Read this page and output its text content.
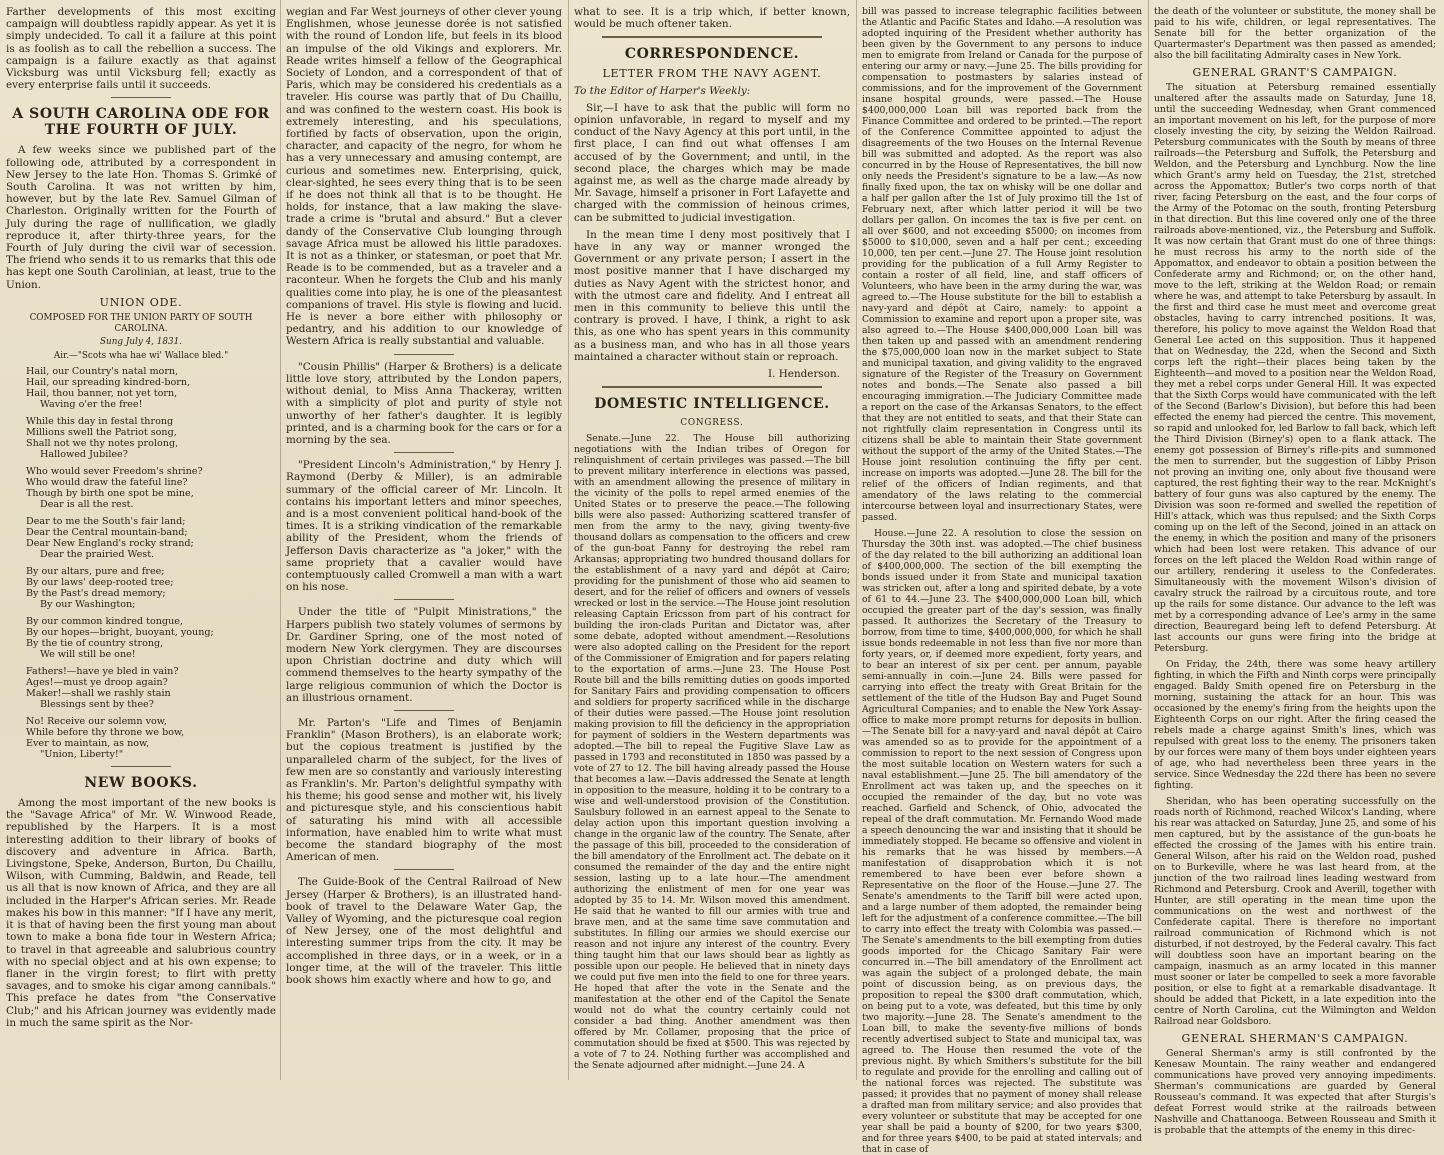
Farther developments of this most exciting campaign will doubtless rapidly appear. As yet it is simply undecided. To call it a failure at this point is as foolish as to call the rebellion a success. The campaign is a failure exactly as that against Vicksburg was until Vicksburg fell; exactly as every enterprise fails until it succeeds.

A SOUTH CAROLINA ODE FOR THE FOURTH OF JULY.

A few weeks since we published part of the following ode, attributed by a correspondent in New Jersey to the late Hon. Thomas S. Grimké of South Carolina. It was not written by him, however, but by the late Rev. Samuel Gilman of Charleston. Originally written for the Fourth of July during the rage of nullification, we gladly reproduce it, after thirty-three years, for the Fourth of July during the civil war of secession. The friend who sends it to us remarks that this ode has kept one South Carolinian, at least, true to the Union.

UNION ODE.
COMPOSED FOR THE UNION PARTY OF SOUTH CAROLINA.
Sung July 4, 1831.
Air.—"Scots wha hae wi' Wallace bled."
Hail, our Country's natal morn,
Hail, our spreading kindred-born,
Hail, thou banner, not yet torn,
Waving o'er the free!
While this day in festal throng
Millions swell the Patriot song,
Shall not we thy notes prolong,
Hallowed Jubilee?
Who would sever Freedom's shrine?
Who would draw the fateful line?
Though by birth one spot be mine,
Dear is all the rest.
Dear to me the South's fair land;
Dear the Central mountain-band;
Dear New England's rocky strand;
Dear the prairied West.
By our altars, pure and free;
By our laws' deep-rooted tree;
By the Past's dread memory;
By our Washington;
By our common kindred tongue,
By our hopes—bright, buoyant, young;
By the tie of country strong,
We will still be one!
Fathers!—have ye bled in vain?
Ages!—must ye droop again?
Maker!—shall we rashly stain
Blessings sent by thee?
No! Receive our solemn vow,
While before thy throne we bow,
Ever to maintain, as now,
"Union, Liberty!"
NEW BOOKS.

Among the most important of the new books is the "Savage Africa" of Mr. W. Winwood Reade, republished by the Harpers. It is a most interesting addition to their library of books of discovery and adventure in Africa. Barth, Livingstone, Speke, Anderson, Burton, Du Chaillu, Wilson, with Cumming, Baldwin, and Reade, tell us all that is now known of Africa, and they are all included in the Harper's African series. Mr. Reade makes his bow in this manner: "If I have any merit, it is that of having been the first young man about town to make a bona fide tour in Western Africa; to travel in that agreeable and salubrious country with no special object and at his own expense; to flaner in the virgin forest; to flirt with pretty savages, and to smoke his cigar among cannibals." This preface he dates from "the Conservative Club;" and his African journey was evidently made in much the same spirit as the Nor-

wegian and Far West journeys of other clever young Englishmen, whose jeunesse dorée is not satisfied with the round of London life, but feels in its blood an impulse of the old Vikings and explorers. Mr. Reade writes himself a fellow of the Geographical Society of London, and a correspondent of that of Paris, which may be considered his credentials as a traveler. His course was partly that of Du Chaillu, and was confined to the western coast. His book is extremely interesting, and his speculations, fortified by facts of observation, upon the origin, character, and capacity of the negro, for whom he has a very unnecessary and amusing contempt, are curious and sometimes new. Enterprising, quick, clear-sighted, he sees every thing that is to be seen if he does not think all that is to be thought. He holds, for instance, that a law making the slave-trade a crime is "brutal and absurd." But a clever dandy of the Conservative Club lounging through savage Africa must be allowed his little paradoxes. It is not as a thinker, or statesman, or poet that Mr. Reade is to be commended, but as a traveler and a raconteur. When he forgets the Club and his manly qualities come into play, he is one of the pleasantest companions of travel. His style is flowing and lucid. He is never a bore either with philosophy or pedantry, and his addition to our knowledge of Western Africa is really substantial and valuable.

"Cousin Phillis" (Harper & Brothers) is a delicate little love story, attributed by the London papers, without denial, to Miss Anna Thackeray, written with a simplicity of plot and purity of style not unworthy of her father's daughter. It is legibly printed, and is a charming book for the cars or for a morning by the sea.

"President Lincoln's Administration," by Henry J. Raymond (Derby & Miller), is an admirable summary of the official career of Mr. Lincoln. It contains his important letters and minor speeches, and is a most convenient political hand-book of the times. It is a striking vindication of the remarkable ability of the President, whom the friends of Jefferson Davis characterize as "a joker," with the same propriety that a cavalier would have contemptuously called Cromwell a man with a wart on his nose.

Under the title of "Pulpit Ministrations," the Harpers publish two stately volumes of sermons by Dr. Gardiner Spring, one of the most noted of modern New York clergymen. They are discourses upon Christian doctrine and duty which will commend themselves to the hearty sympathy of the large religious communion of which the Doctor is an illustrious ornament.

Mr. Parton's "Life and Times of Benjamin Franklin" (Mason Brothers), is an elaborate work; but the copious treatment is justified by the unparalleled charm of the subject, for the lives of few men are so constantly and variously interesting as Franklin's. Mr. Parton's delightful sympathy with his theme; his good sense and mother wit, his lively and picturesque style, and his conscientious habit of saturating his mind with all accessible information, have enabled him to write what must become the standard biography of the most American of men.

The Guide-Book of the Central Railroad of New Jersey (Harper & Brothers), is an illustrated hand-book of travel to the Delaware Water Gap, the Valley of Wyoming, and the picturesque coal region of New Jersey, one of the most delightful and interesting summer trips from the city. It may be accomplished in three days, or in a week, or in a longer time, at the will of the traveler. This little book shows him exactly where and how to go, and

what to see. It is a trip which, if better known, would be much oftener taken.

CORRESPONDENCE.
LETTER FROM THE NAVY AGENT.

To the Editor of Harper's Weekly:

Sir,—I have to ask that the public will form no opinion unfavorable, in regard to myself and my conduct of the Navy Agency at this port until, in the first place, I can find out what offenses I am accused of by the Government; and until, in the second place, the charges which may be made against me, as well as the charge made already by Mr. Savage, himself a prisoner in Fort Lafayette and charged with the commission of heinous crimes, can be submitted to judicial investigation.

In the mean time I deny most positively that I have in any way or manner wronged the Government or any private person; I assert in the most positive manner that I have discharged my duties as Navy Agent with the strictest honor, and with the utmost care and fidelity. And I entreat all men in this community to believe this until the contrary is proved. I have, I think, a right to ask this, as one who has spent years in this community as a business man, and who has in all those years maintained a character without stain or reproach.

I. Henderson.
DOMESTIC INTELLIGENCE.
CONGRESS.

Senate.—June 22. The House bill authorizing negotiations with the Indian tribes of Oregon for relinquishment of certain privileges was passed.—The bill to prevent military interference in elections was passed, with an amendment allowing the presence of military in the vicinity of the polls to repel armed enemies of the United States or to preserve the peace.—The following bills were also passed: Authorizing scattered transfer of men from the army to the navy, giving twenty-five thousand dollars as compensation to the officers and crew of the gun-boat Fanny for destroying the rebel ram Arkansas; appropriating two hundred thousand dollars for the establishment of a navy yard and dépôt at Cairo; providing for the punishment of those who aid seamen to desert, and for the relief of officers and owners of vessels wrecked or lost in the service.—The House joint resolution releasing Captain Ericsson from part of his contract for building the iron-clads Puritan and Dictator was, after some debate, adopted without amendment.—Resolutions were also adopted calling on the President for the report of the Commissioner of Emigration and for papers relating to the exportation of arms.—June 23. The House Post Route bill and the bills remitting duties on goods imported for Sanitary Fairs and providing compensation to officers and soldiers for property sacrificed while in the discharge of their duties were passed.—The House joint resolution making provision to fill the deficiency in the appropriation for payment of soldiers in the Western departments was adopted.—The bill to repeal the Fugitive Slave Law as passed in 1793 and reconstituted in 1850 was passed by a vote of 27 to 12. The bill having already passed the House that becomes a law.—Davis addressed the Senate at length in opposition to the measure, holding it to be contrary to a wise and well-understood provision of the Constitution. Saulsbury followed in an earnest appeal to the Senate to delay action upon this important question involving a change in the organic law of the country. The Senate, after the passage of this bill, proceeded to the consideration of the bill amendatory of the Enrollment act. The debate on it consumed the remainder of the day and the entire night session, lasting up to a late hour.—The amendment authorizing the enlistment of men for one year was adopted by 35 to 14. Mr. Wilson moved this amendment. He said that he wanted to fill our armies with true and brave men, and at the same time save commutation and substitutes. In filling our armies we should exercise our reason and not injure any interest of the country. Every thing taught him that our laws should bear as lightly as possible upon our people. He believed that in ninety days we could put five men into the field to one for three years. He hoped that after the vote in the Senate and the manifestation at the other end of the Capitol the Senate would not do what the country certainly could not consider a bad thing. Another amendment was then offered by Mr. Collamer, proposing that the price of commutation should be fixed at $500. This was rejected by a vote of 7 to 24. Nothing further was accomplished and the Senate adjourned after midnight.—June 24. A

bill was passed to increase telegraphic facilities between the Atlantic and Pacific States and Idaho.—A resolution was adopted inquiring of the President whether authority has been given by the Government to any persons to induce men to emigrate from Ireland or Canada for the purpose of entering our army or navy.—June 25. The bills providing for compensation to postmasters by salaries instead of commissions, and for the improvement of the Government insane hospital grounds, were passed.—The House $400,000,000 Loan bill was reported back from the Finance Committee and ordered to be printed.—The report of the Conference Committee appointed to adjust the disagreements of the two Houses on the Internal Revenue bill was submitted and adopted. As the report was also concurred in by the House of Representatives, the bill now only needs the President's signature to be a law.—As now finally fixed upon, the tax on whisky will be one dollar and a half per gallon after the 1st of July proximo till the 1st of February next, after which latter period it will be two dollars per gallon. On incomes the tax is five per cent. on all over $600, and not exceeding $5000; on incomes from $5000 to $10,000, seven and a half per cent.; exceeding 10,000, ten per cent.—June 27. The House joint resolution providing for the publication of a full Army Register to contain a roster of all field, line, and staff officers of Volunteers, who have been in the army during the war, was agreed to.—The House substitute for the bill to establish a navy-yard and dépôt at Cairo, namely: to appoint a Commission to examine and report upon a proper site, was also agreed to.—The House $400,000,000 Loan bill was then taken up and passed with an amendment rendering the $75,000,000 loan now in the market subject to State and municipal taxation, and giving validity to the engraved signature of the Register of the Treasury on Government notes and bonds.—The Senate also passed a bill encouraging immigration.—The Judiciary Committee made a report on the case of the Arkansas Senators, to the effect that they are not entitled to seats, and that their State can not rightfully claim representation in Congress until its citizens shall be able to maintain their State government without the support of the army of the United States.—The House joint resolution continuing the fifty per cent. increase on imports was adopted.—June 28. The bill for the relief of the officers of Indian regiments, and that amendatory of the laws relating to the commercial intercourse between loyal and insurrectionary States, were passed.

House.—June 22. A resolution to close the session on Thursday the 30th inst. was adopted.—The chief business of the day related to the bill authorizing an additional loan of $400,000,000. The section of the bill exempting the bonds issued under it from State and municipal taxation was stricken out, after a long and spirited debate, by a vote of 61 to 44.—June 23. The $400,000,000 Loan bill, which occupied the greater part of the day's session, was finally passed. It authorizes the Secretary of the Treasury to borrow, from time to time, $400,000,000, for which he shall issue bonds redeemable in not less than five nor more than forty years, or, if deemed more expedient, forty years, and to bear an interest of six per cent. per annum, payable semi-annually in coin.—June 24. Bills were passed for carrying into effect the treaty with Great Britain for the settlement of the title of the Hudson Bay and Puget Sound Agricultural Companies; and to enable the New York Assay-office to make more prompt returns for deposits in bullion.—The Senate bill for a navy-yard and naval dépôt at Cairo was amended so as to provide for the appointment of a commission to report to the next session of Congress upon the most suitable location on Western waters for such a naval establishment.—June 25. The bill amendatory of the Enrollment act was taken up, and the speeches on it occupied the remainder of the day, but no vote was reached. Garfield and Schenck, of Ohio, advocated the repeal of the draft commutation. Mr. Fernando Wood made a speech denouncing the war and insisting that it should be immediately stopped. He became so offensive and violent in his remarks that he was hissed by members.—A manifestation of disapprobation which it is not remembered to have been ever before shown a Representative on the floor of the House.—June 27. The Senate's amendments to the Tariff bill were acted upon, and a large number of them adopted, the remainder being left for the adjustment of a conference committee.—The bill to carry into effect the treaty with Colombia was passed.—The Senate's amendments to the bill exempting from duties goods imported for the Chicago Sanitary Fair were concurred in.—The bill amendatory of the Enrollment act was again the subject of a prolonged debate, the main point of discussion being, as on previous days, the proposition to repeal the $300 draft commutation, which, on being put to a vote, was defeated, but this time by only two majority.—June 28. The Senate's amendment to the Loan bill, to make the seventy-five millions of bonds recently advertised subject to State and municipal tax, was agreed to. The House then resumed the vote of the previous night. By which Smithers's substitute for the bill to regulate and provide for the enrolling and calling out of the national forces was rejected. The substitute was passed; it provides that no payment of money shall release a drafted man from military service; and also provides that every volunteer or substitute that may be accepted for one year shall be paid a bounty of $200, for two years $300, and for three years $400, to be paid at stated intervals; and that in case of

the death of the volunteer or substitute, the money shall be paid to his wife, children, or legal representatives. The Senate bill for the better organization of the Quartermaster's Department was then passed as amended; also the bill facilitating Admiralty cases in New York.

GENERAL GRANT'S CAMPAIGN.

The situation at Petersburg remained essentially unaltered after the assaults made on Saturday, June 18, until the succeeding Wednesday, when Grant commenced an important movement on his left, for the purpose of more closely investing the city, by seizing the Weldon Railroad. Petersburg communicates with the South by means of three railroads—the Petersburg and Suffolk, the Petersburg and Weldon, and the Petersburg and Lynchburg. Now the line which Grant's army held on Tuesday, the 21st, stretched across the Appomattox; Butler's two corps north of that river, facing Petersburg on the east, and the four corps of the Army of the Potomac on the south, fronting Petersburg in that direction. But this line covered only one of the three railroads above-mentioned, viz., the Petersburg and Suffolk. It was now certain that Grant must do one of three things: he must recross his army to the north side of the Appomattox, and endeavor to obtain a position between the Confederate army and Richmond; or, on the other hand, move to the left, striking at the Weldon Road; or remain where he was, and attempt to take Petersburg by assault. In the first and third case he must meet and overcome great obstacles, having to carry intrenched positions. It was, therefore, his policy to move against the Weldon Road that General Lee acted on this supposition. Thus it happened that on Wednesday, the 22d, when the Second and Sixth corps left the right—their places being taken by the Eighteenth—and moved to a position near the Weldon Road, they met a rebel corps under General Hill. It was expected that the Sixth Corps would have communicated with the left of the Second (Barlow's Division), but before this had been effected the enemy had pierced the centre. This movement, so rapid and unlooked for, led Barlow to fall back, which left the Third Division (Birney's) open to a flank attack. The enemy got possession of Birney's rifle-pits and summoned the men to surrender, but the suggestion of Libby Prison not proving an inviting one, only about five thousand were captured, the rest fighting their way to the rear. McKnight's battery of four guns was also captured by the enemy. The Division was soon re-formed and swelled the repetition of Hill's attack, which was thus repulsed; and the Sixth Corps coming up on the left of the Second, joined in an attack on the enemy, in which the position and many of the prisoners which had been lost were retaken. This advance of our forces on the left placed the Weldon Road within range of our artillery, rendering it useless to the Confederates. Simultaneously with the movement Wilson's division of cavalry struck the railroad by a circuitous route, and tore up the rails for some distance. Our advance to the left was met by a corresponding advance of Lee's army in the same direction, Beauregard being left to defend Petersburg. At last accounts our guns were firing into the bridge at Petersburg.

On Friday, the 24th, there was some heavy artillery fighting, in which the Fifth and Ninth corps were principally engaged. Baldy Smith opened fire on Petersburg in the morning, sustaining the attack for an hour. This was occasioned by the enemy's firing from the heights upon the Eighteenth Corps on our right. After the firing ceased the rebels made a charge against Smith's lines, which was repulsed with great loss to the enemy. The prisoners taken by our forces were many of them boys under eighteen years of age, who had nevertheless been three years in the service. Since Wednesday the 22d there has been no severe fighting.

Sheridan, who has been operating successfully on the roads north of Richmond, reached Wilcox's Landing, where his rear was attacked on Saturday, June 25, and some of his men captured, but by the assistance of the gun-boats he effected the crossing of the James with his entire train. General Wilson, after his raid on the Weldon road, pushed on to Burkeville, where he was last heard from, at the junction of the two railroad lines leading westward from Richmond and Petersburg. Crook and Averill, together with Hunter, are still operating in the mean time upon the communications on the west and northwest of the Confederate capital. There is therefore no important railroad communication of Richmond which is not disturbed, if not destroyed, by the Federal cavalry. This fact will doubtless soon have an important bearing on the campaign, inasmuch as an army located in this manner must sooner or later be compelled to seek a more favorable position, or else to fight at a remarkable disadvantage. It should be added that Pickett, in a late expedition into the centre of North Carolina, cut the Wilmington and Weldon Railroad near Goldsboro.

GENERAL SHERMAN'S CAMPAIGN.

General Sherman's army is still confronted by the Kenesaw Mountain. The rainy weather and endangered communications have proved very annoying impediments. Sherman's communications are guarded by General Rousseau's command. It was expected that after Sturgis's defeat Forrest would strike at the railroads between Nashville and Chattanooga. Between Rousseau and Smith it is probable that the attempts of the enemy in this direc-
